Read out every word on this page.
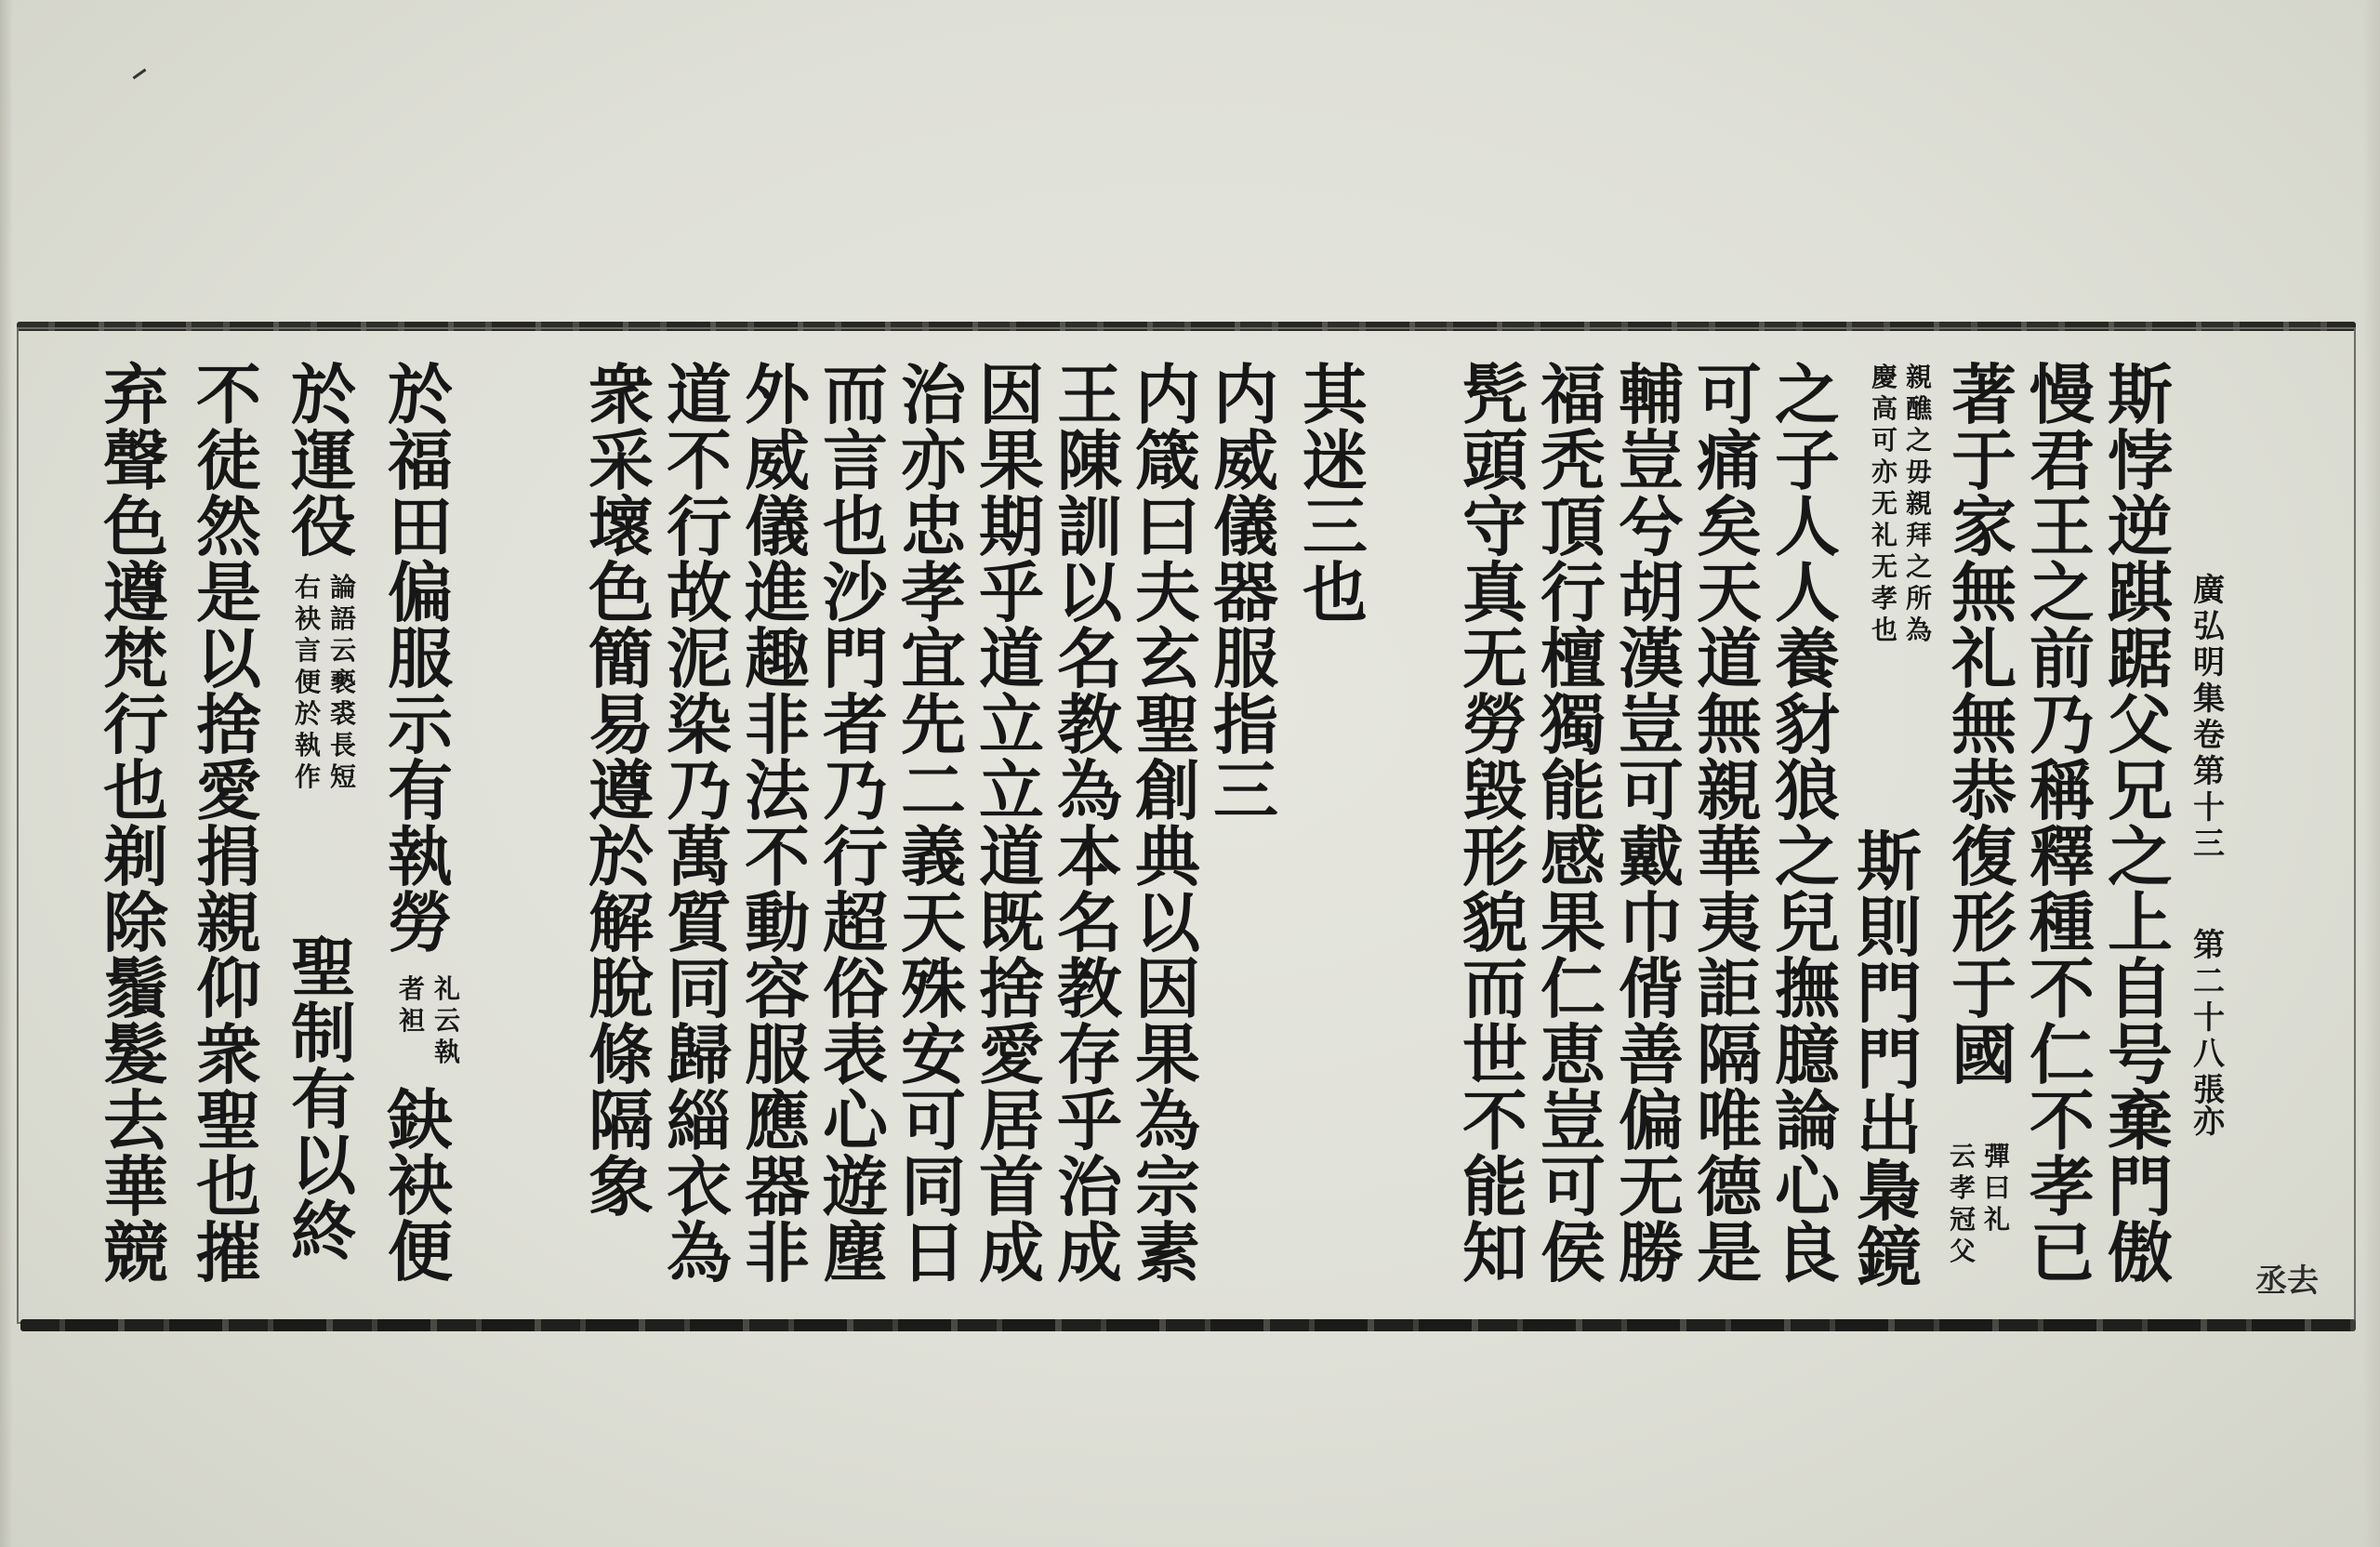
廣
弘
明
集
卷
第
十
三
第
二
十
八
張
亦
丞去
斯
悖
逆
踑
踞
父
兄
之
上
自
号
棄
門
傲
慢
君
王
之
前
乃
稱
釋
種
不
仁
不
孝
已
著
于
家
無
礼
無
恭
復
形
于
國
彈
曰
礼
云
孝
冠
父
親
醮
之
毋
親
拜
之
所
為
慶
高
可
亦
无
礼
无
孝
也
斯
則
門
門
出
梟
鏡
之
子
人
人
養
豺
狼
之
兒
撫
臆
論
心
良
可
痛
矣
天
道
無
親
華
夷
詎
隔
唯
德
是
輔
豈
兮
胡
漢
豈
可
戴
巾
偝
善
偏
无
勝
福
秃
頂
行
檀
獨
能
感
果
仁
恵
豈
可
侯
髠
頭
守
真
无
勞
毀
形
貌
而
世
不
能
知
其
迷
三
也
内
威
儀
器
服
指
三
内
箴
曰
夫
玄
聖
創
典
以
因
果
為
宗
素
王
陳
訓
以
名
教
為
本
名
教
存
乎
治
成
因
果
期
乎
道
立
立
道
既
捨
愛
居
首
成
治
亦
忠
孝
宜
先
二
義
天
殊
安
可
同
日
而
言
也
沙
門
者
乃
行
超
俗
表
心
遊
塵
外
威
儀
進
趣
非
法
不
動
容
服
應
器
非
道
不
行
故
泥
染
乃
萬
質
同
歸
緇
衣
為
衆
采
壞
色
簡
易
遵
於
解
脫
條
隔
象
於
福
田
偏
服
示
有
執
勞
礼
云
執
者
袒
鈌
袂
便
於
運
役
論
語
云
褻
裘
長
短
右
袂
言
便
於
執
作
聖
制
有
以
終
不
徒
然
是
以
捨
愛
捐
親
仰
衆
聖
也
摧
弃
聲
色
遵
梵
行
也
剃
除
鬚
髮
去
華
競
